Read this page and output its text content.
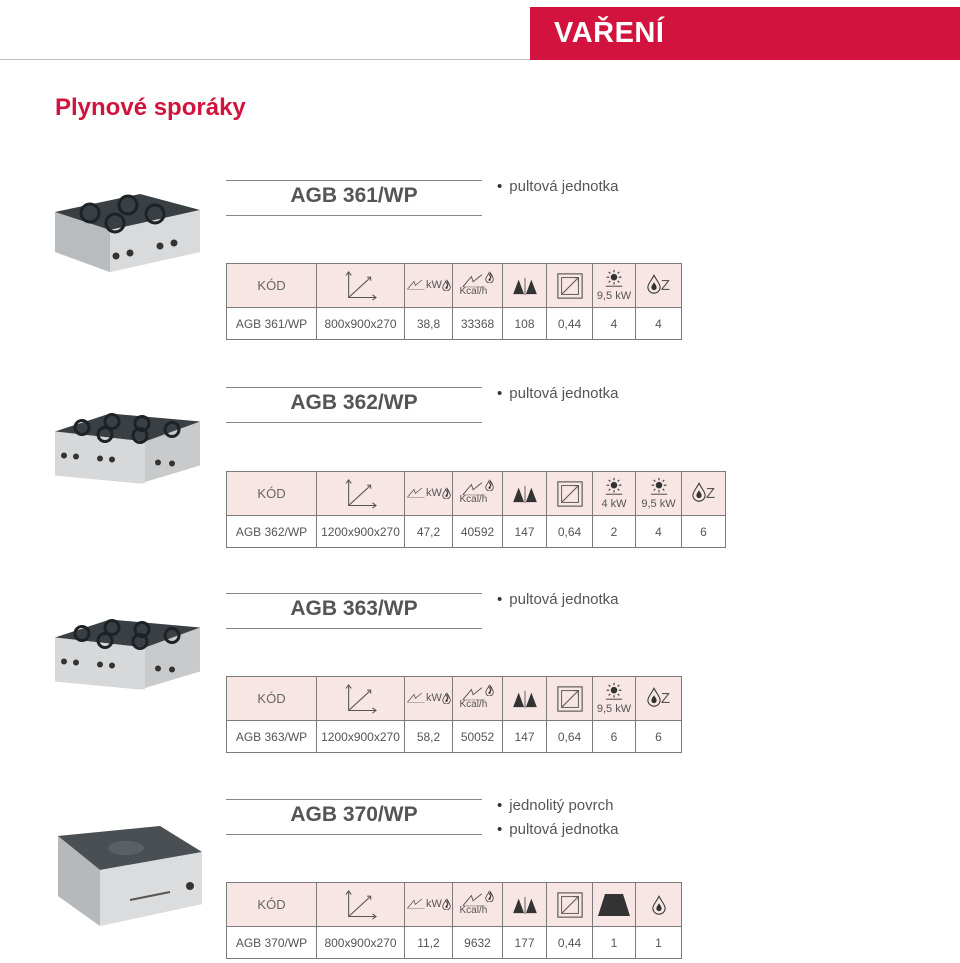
VAŘENÍ
Plynové sporáky
AGB 361/WP	• pultová jednotka
KÓD		kW	Kcal/h			9,5 kW	Z

AGB 361/WP	800x900x270	38,8	33368	108	0,44	4	4
AGB 362/WP	• pultová jednotka
KÓD		kW	Kcal/h			4 kW	9,5 kW	Z

AGB 362/WP	1200x900x270	47,2	40592	147	0,64	2	4	6
AGB 363/WP	• pultová jednotka
KÓD		kW	Kcal/h			9,5 kW	Z

AGB 363/WP	1200x900x270	58,2	50052	147	0,64	6	6
AGB 370/WP	• jednolitý povrch
• pultová jednotka
KÓD		kW	Kcal/h

AGB 370/WP	800x900x270	11,2	9632	177	0,44	1	1
